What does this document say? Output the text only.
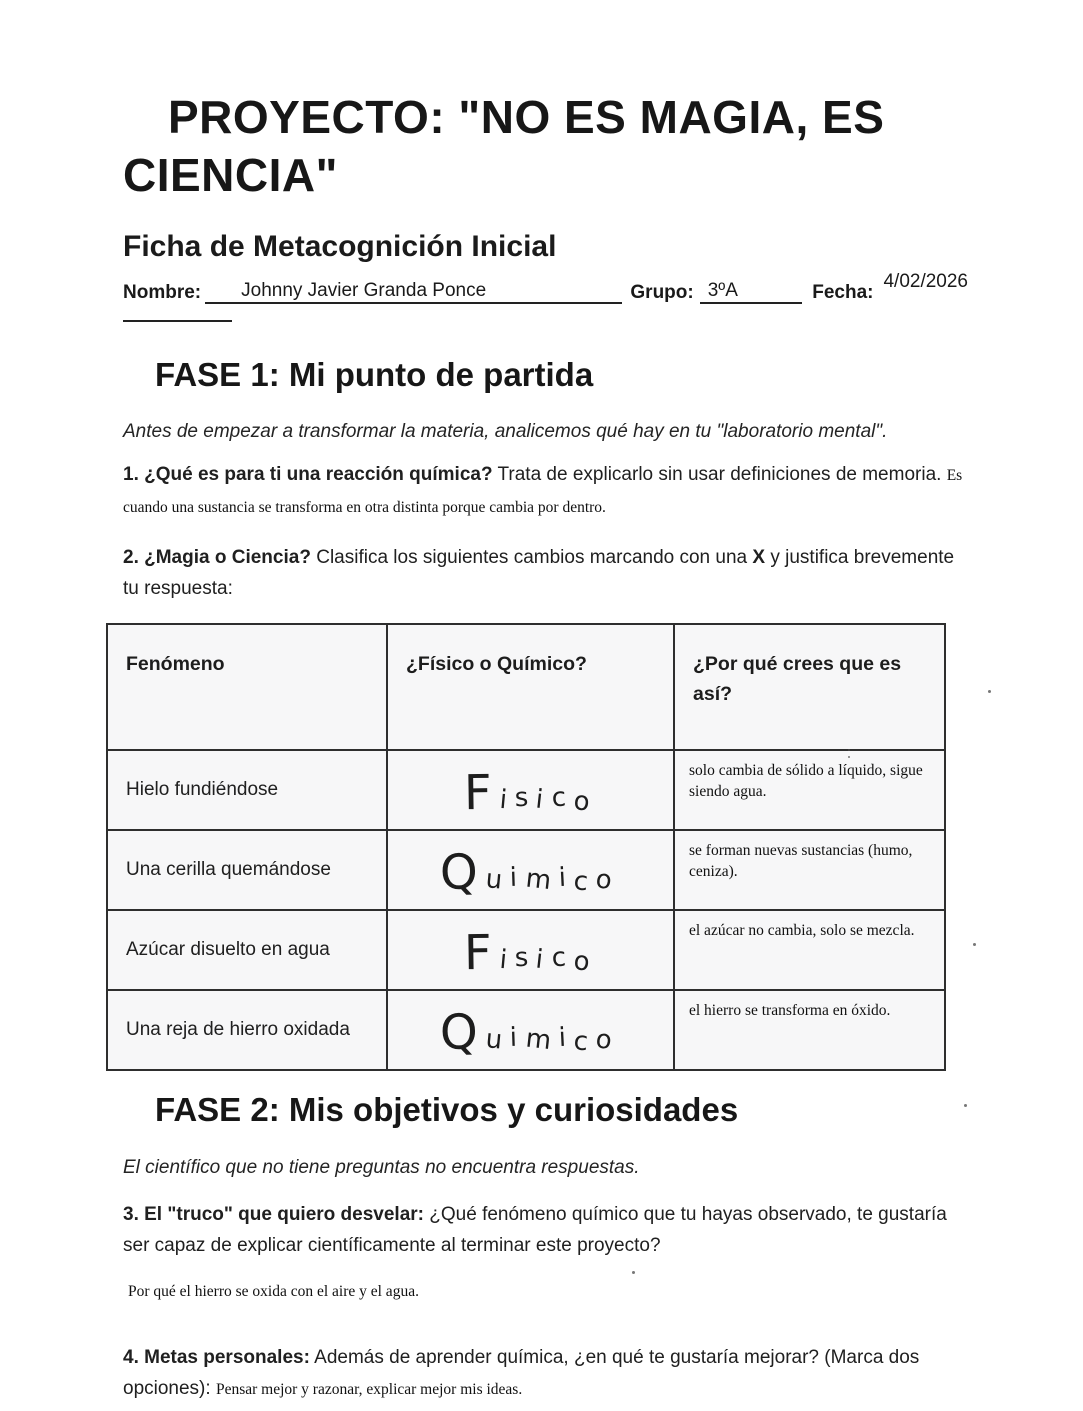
PROYECTO: "NO ES MAGIA, ES
CIENCIA"
Ficha de Metacognición Inicial
Nombre:	Johnny Javier Granda Ponce	Grupo: 3ºA	Fecha:
4/02/2026
FASE 1: Mi punto de partida
Antes de empezar a transformar la materia, analicemos qué hay en tu "laboratorio mental".

1. ¿Qué es para ti una reacción química? Trata de explicarlo sin usar definiciones de memoria. Es cuando una sustancia se transforma en otra distinta porque cambia por dentro.

2. ¿Magia o Ciencia? Clasifica los siguientes cambios marcando con una X y justifica brevemente tu respuesta:

Fenómeno	¿Físico o Químico?	¿Por qué crees que es así?
Hielo fundiéndose	Fisico	solo cambia de sólido a líquido, sigue siendo agua.
Una cerilla quemándose	Quimico	se forman nuevas sustancias (humo, ceniza).
Azúcar disuelto en agua	Fisico	el azúcar no cambia, solo se mezcla.
Una reja de hierro oxidada	Quimico	el hierro se transforma en óxido.
FASE 2: Mis objetivos y curiosidades
El científico que no tiene preguntas no encuentra respuestas.

3. El "truco" que quiero desvelar: ¿Qué fenómeno químico que tu hayas observado, te gustaría ser capaz de explicar científicamente al terminar este proyecto?

Por qué el hierro se oxida con el aire y el agua.

4. Metas personales: Además de aprender química, ¿en qué te gustaría mejorar? (Marca dos opciones): Pensar mejor y razonar, explicar mejor mis ideas.
